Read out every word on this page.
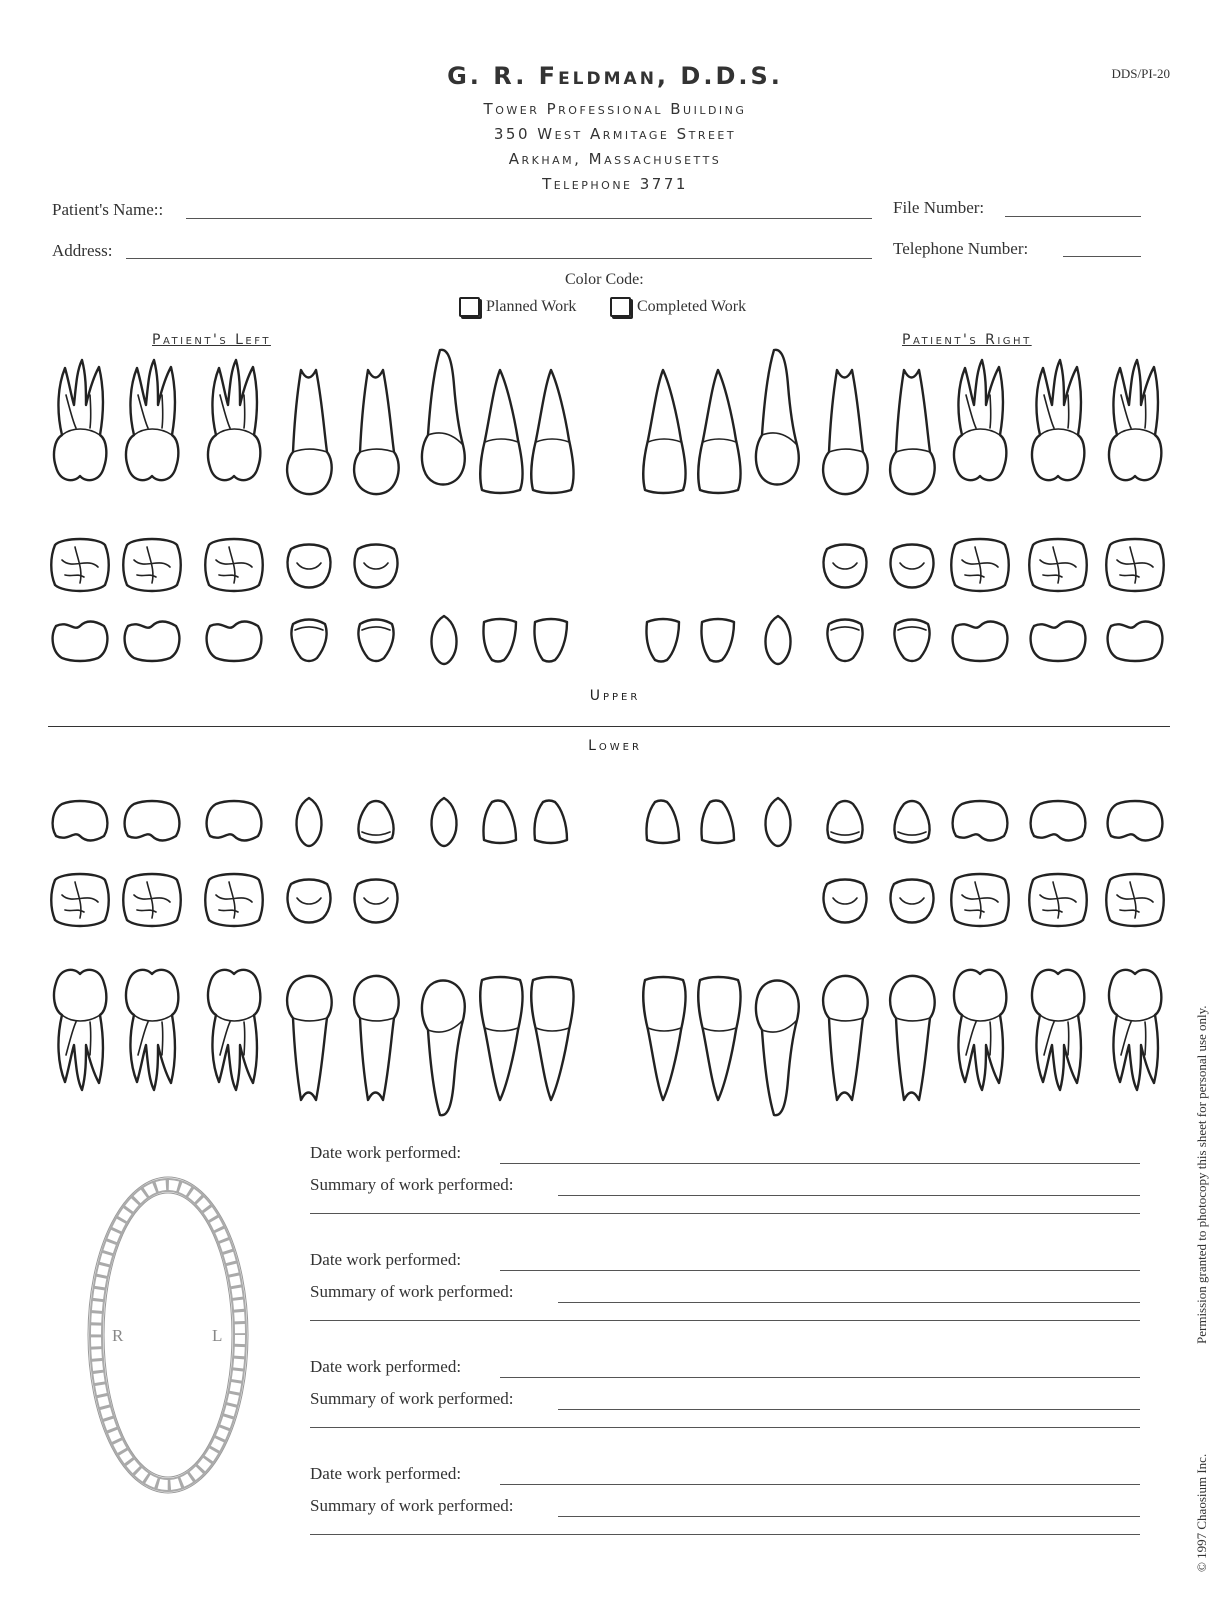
DDS/PI-20
G. R. Feldman, D.D.S.
Tower Professional Building
350 West Armitage Street
Arkham, Massachusetts
Telephone 3771
Patient's Name::	File Number:
Address:	Telephone Number:
Color Code:
Planned Work	Completed Work
Patient's Left	Patient's Right
Upper
Lower
R	L
Date work performed:
Summary of work performed:
Date work performed:
Summary of work performed:
Date work performed:
Summary of work performed:
Date work performed:
Summary of work performed:
Permission granted to photocopy this sheet for personal use only.
© 1997 Chaosium Inc.
